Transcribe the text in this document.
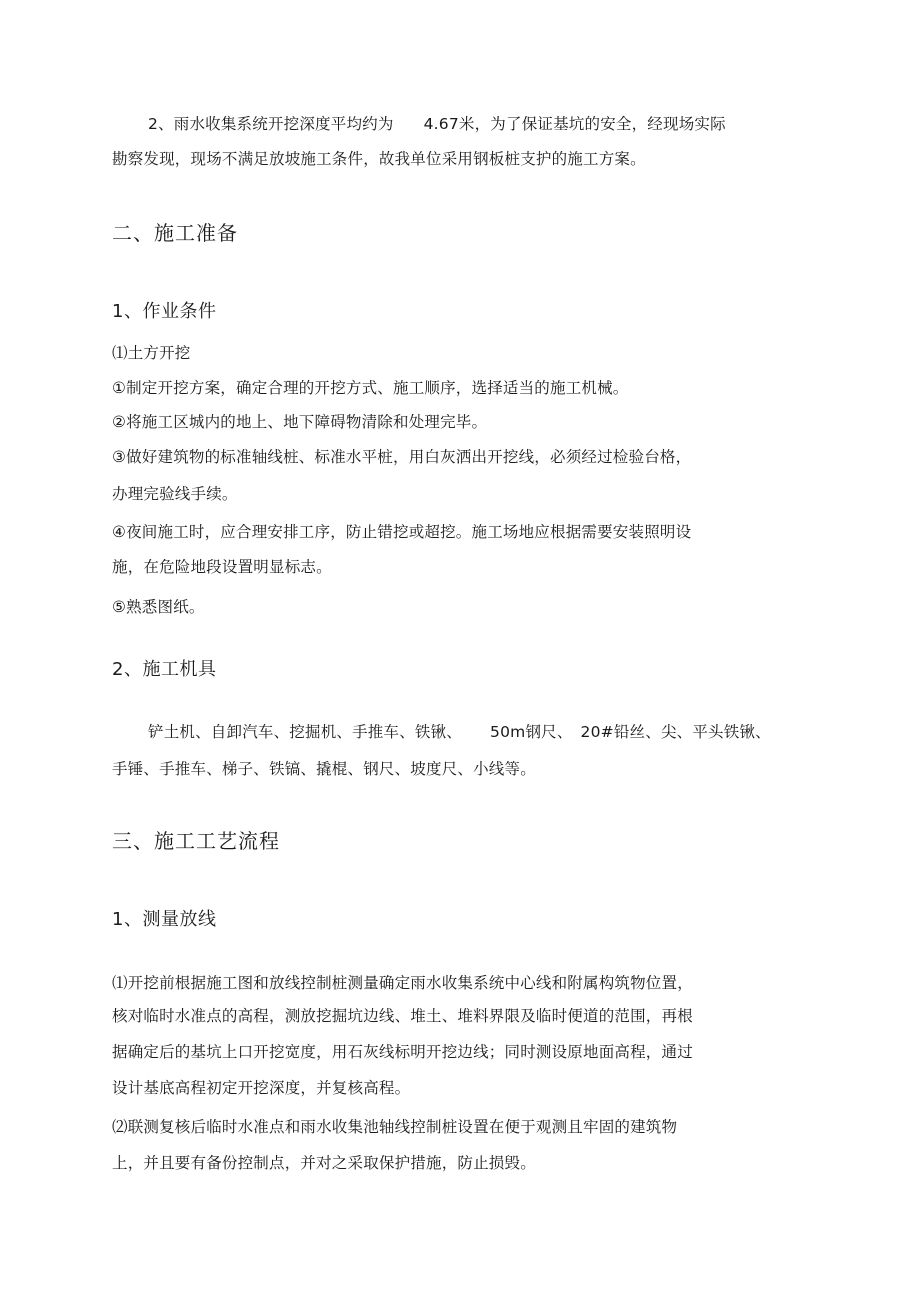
2、雨水收集系统开挖深度平均约为 4.67米，为了保证基坑的安全，经现场实际
勘察发现，现场不满足放坡施工条件，故我单位采用钢板桩支护的施工方案。
二、施工准备
1、作业条件
⑴土方开挖
①制定开挖方案，确定合理的开挖方式、施工顺序，选择适当的施工机械。
②将施工区城内的地上、地下障碍物清除和处理完毕。
③做好建筑物的标准轴线桩、标准水平桩，用白灰洒出开挖线，必须经过检验台格，
办理完验线手续。
④夜间施工时，应合理安排工序，防止错挖或超挖。施工场地应根据需要安装照明设
施，在危险地段设置明显标志。
⑤熟悉图纸。
2、施工机具
铲土机、自卸汽车、挖掘机、手推车、铁锹、 50m钢尺、 20#铅丝、尖、平头铁锹、
手锤、手推车、梯子、铁镐、撬棍、钢尺、坡度尺、小线等。
三、施工工艺流程
1、测量放线
⑴开挖前根据施工图和放线控制桩测量确定雨水收集系统中心线和附属构筑物位置，
核对临时水准点的高程，测放挖掘坑边线、堆土、堆料界限及临时便道的范围，再根
据确定后的基坑上口开挖宽度，用石灰线标明开挖边线；同时测设原地面高程，通过
设计基底高程初定开挖深度，并复核高程。
⑵联测复核后临时水准点和雨水收集池轴线控制桩设置在便于观测且牢固的建筑物
上，并且要有备份控制点，并对之采取保护措施，防止损毁。
